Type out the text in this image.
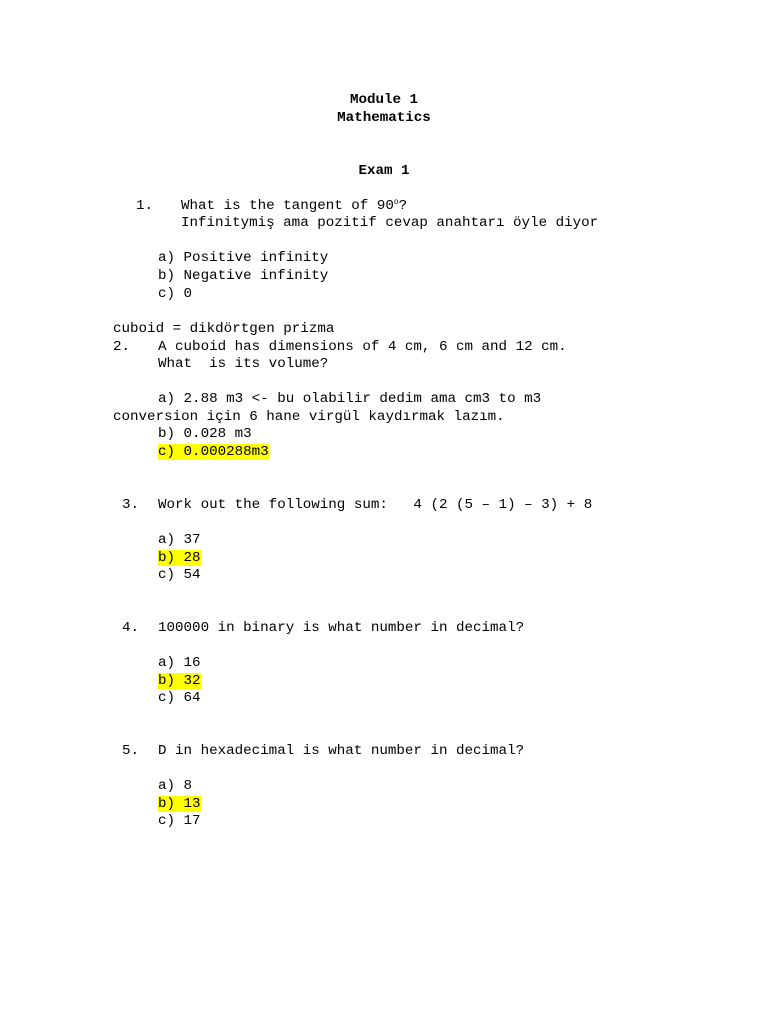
Module 1
Mathematics
Exam 1
1. What is the tangent of 90$^o$?
Infinitymiş ama pozitif cevap anahtarı öyle diyor
a) Positive infinity
b) Negative infinity
c) 0
cuboid = dikdörtgen prizma
2. A cuboid has dimensions of 4 cm, 6 cm and 12 cm.
What  is its volume?
a) 2.88 m3 <- bu olabilir dedim ama cm3 to m3
conversion için 6 hane virgül kaydırmak lazım.
b) 0.028 m3
c) 0.000288m3
3. Work out the following sum:   4 (2 (5 – 1) – 3) + 8
a) 37
b) 28
c) 54
4. 100000 in binary is what number in decimal?
a) 16
b) 32
c) 64
5. D in hexadecimal is what number in decimal?
a) 8
b) 13
c) 17
